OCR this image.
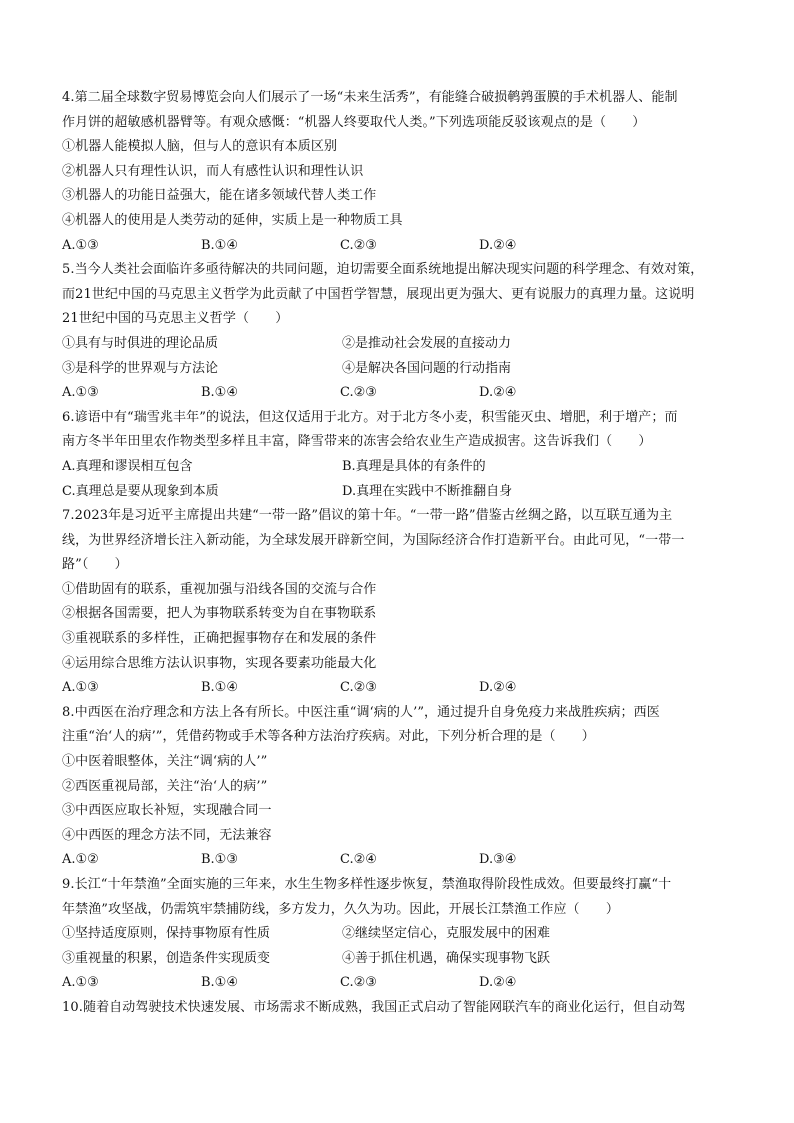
4.第二届全球数字贸易博览会向人们展示了一场“未来生活秀”，有能缝合破损鹌鹑蛋膜的手术机器人、能制
作月饼的超敏感机器臂等。有观众感慨：“机器人终要取代人类。”下列选项能反驳该观点的是（　　）
①机器人能模拟人脑，但与人的意识有本质区别
②机器人只有理性认识，而人有感性认识和理性认识
③机器人的功能日益强大，能在诸多领域代替人类工作
④机器人的使用是人类劳动的延伸，实质上是一种物质工具
A.①③	B.①④	C.②③	D.②④
5.当今人类社会面临许多亟待解决的共同问题，迫切需要全面系统地提出解决现实问题的科学理念、有效对策，
而21世纪中国的马克思主义哲学为此贡献了中国哲学智慧，展现出更为强大、更有说服力的真理力量。这说明
21世纪中国的马克思主义哲学（　　）
①具有与时俱进的理论品质	②是推动社会发展的直接动力
③是科学的世界观与方法论	④是解决各国问题的行动指南
A.①③	B.①④	C.②③	D.②④
6.谚语中有“瑞雪兆丰年”的说法，但这仅适用于北方。对于北方冬小麦，积雪能灭虫、增肥，利于增产；而
南方冬半年田里农作物类型多样且丰富，降雪带来的冻害会给农业生产造成损害。这告诉我们（　　）
A.真理和谬误相互包含	B.真理是具体的有条件的
C.真理总是要从现象到本质	D.真理在实践中不断推翻自身
7.2023年是习近平主席提出共建“一带一路”倡议的第十年。“一带一路”借鉴古丝绸之路，以互联互通为主
线，为世界经济增长注入新动能，为全球发展开辟新空间，为国际经济合作打造新平台。由此可见，“一带一
路”（　　）
①借助固有的联系，重视加强与沿线各国的交流与合作
②根据各国需要，把人为事物联系转变为自在事物联系
③重视联系的多样性，正确把握事物存在和发展的条件
④运用综合思维方法认识事物，实现各要素功能最大化
A.①③	B.①④	C.②③	D.②④
8.中西医在治疗理念和方法上各有所长。中医注重“调‘病的人’”，通过提升自身免疫力来战胜疾病；西医
注重“治‘人的病’”，凭借药物或手术等各种方法治疗疾病。对此，下列分析合理的是（　　）
①中医着眼整体，关注“调‘病的人’”
②西医重视局部，关注“治‘人的病’”
③中西医应取长补短，实现融合同一
④中西医的理念方法不同，无法兼容
A.①②	B.①③	C.②④	D.③④
9.长江“十年禁渔”全面实施的三年来，水生生物多样性逐步恢复，禁渔取得阶段性成效。但要最终打赢“十
年禁渔”攻坚战，仍需筑牢禁捕防线，多方发力，久久为功。因此，开展长江禁渔工作应（　　）
①坚持适度原则，保持事物原有性质	②继续坚定信心，克服发展中的困难
③重视量的积累，创造条件实现质变	④善于抓住机遇，确保实现事物飞跃
A.①③	B.①④	C.②③	D.②④
10.随着自动驾驶技术快速发展、市场需求不断成熟，我国正式启动了智能网联汽车的商业化运行，但自动驾
